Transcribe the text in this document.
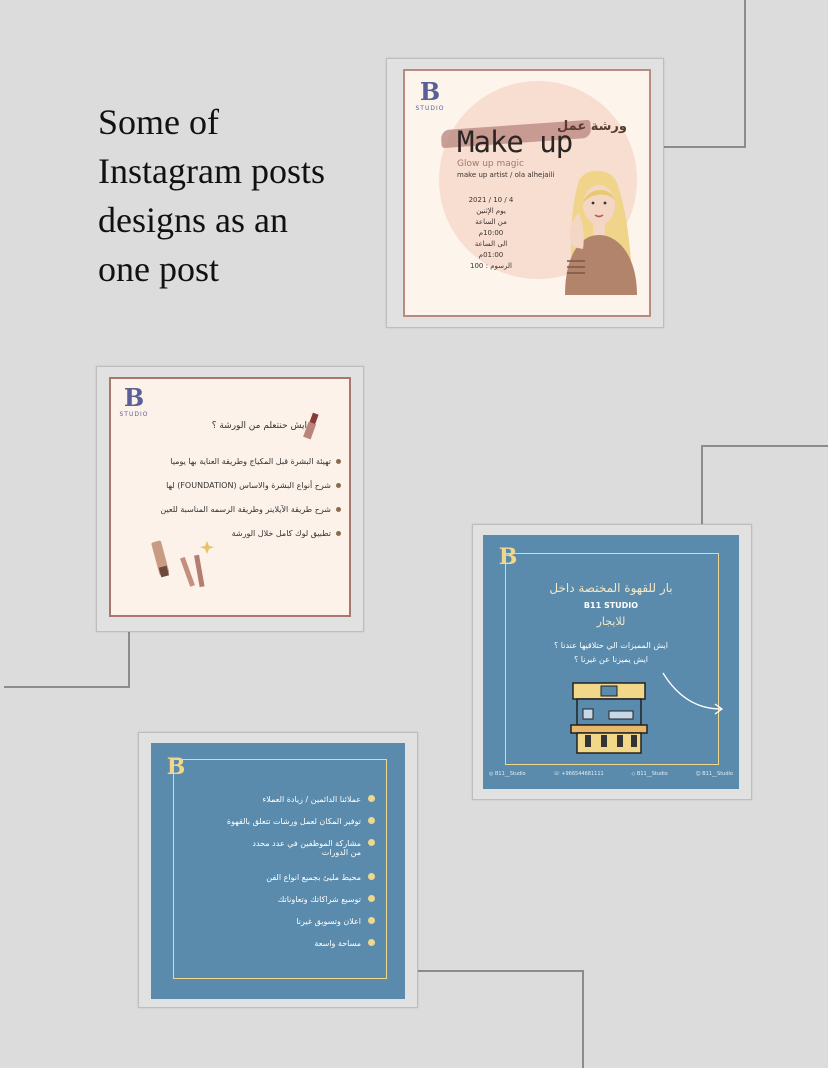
Some of
Instagram posts
designs as an
one post
B
STUDIO
ورشة عمل
Make up
Glow up magic
make up artist / ola alhejaili
2021 / 10 / 4
يوم الإثنين
من الساعة 10:00م
الى الساعة 01:00م
الرسوم : 100
B
STUDIO
ايش حنتعلم من الورشة ؟
تهيئة البشرة قبل المكياج وطريقة العناية بها يوميا
شرح أنواع البشرة والاساس (FOUNDATION) لها
شرح طريقة الآيلاينر وطريقة الرسمه المناسبة للعين
تطبيق لوك كامل خلال الورشة
B
بار للقهوة المختصة داخل
B11 STUDIO
للايجار
ايش المميزات الي حتلاقيها عندنا ؟
ايش يميزنا عن غيرنا ؟
◎ B11__Studio	☏ +966544681111	◇ B11__Studio	☺ B11__Studio
B
عملائنا الدائمين / زيادة العملاء
توفير المكان لعمل ورشات تتعلق بالقهوة
مشاركة الموظفين في عدد محدد من الدورات
محيط مليئ بجميع انواع الفن
توسيع شراكاتك وتعاوناتك
اعلان وتسويق غيرنا
مساحة واسعة
